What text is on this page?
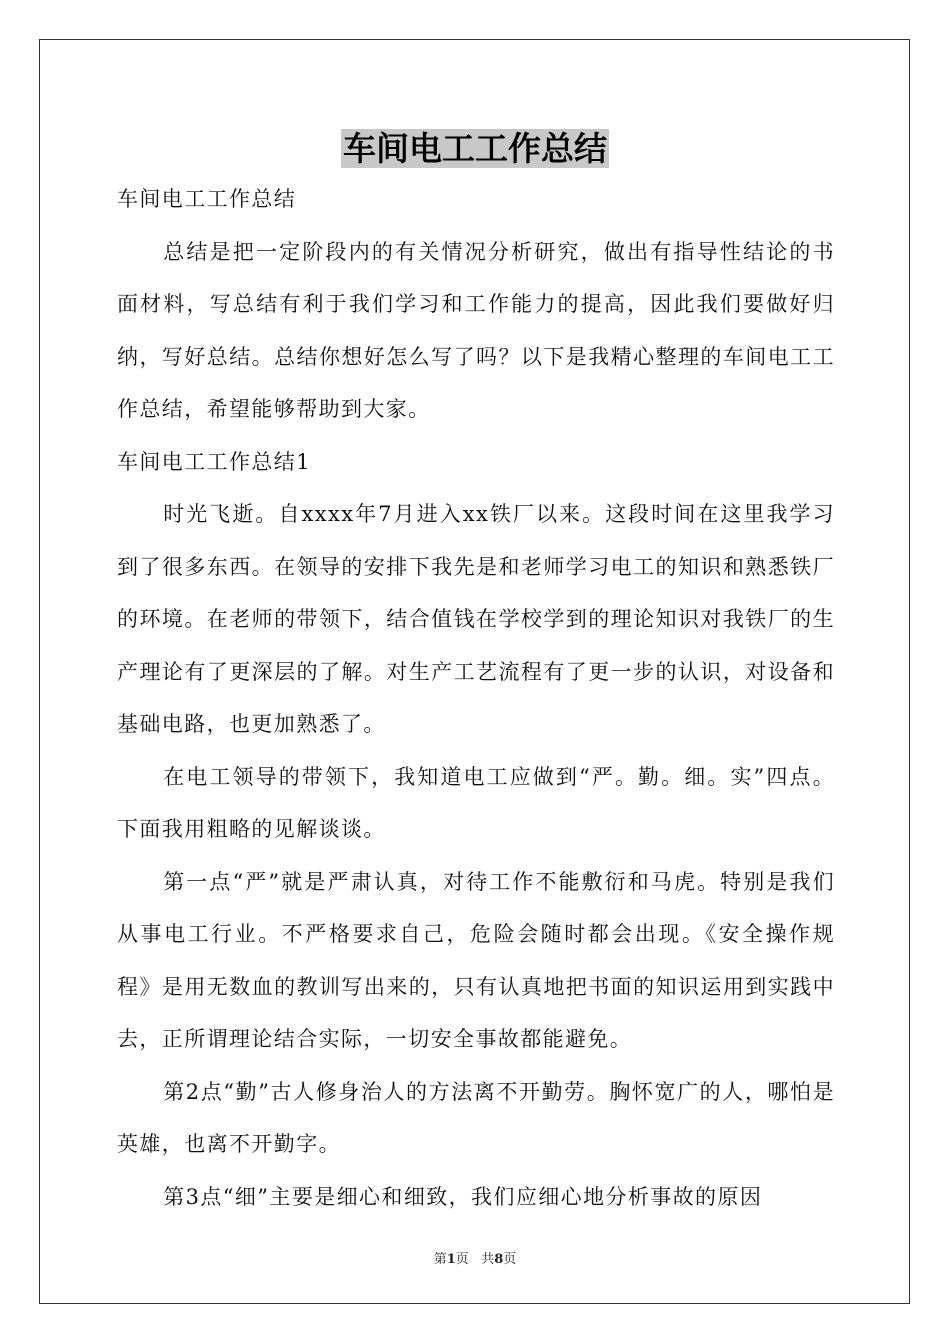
车间电工工作总结

车间电工工作总结

总结是把一定阶段内的有关情况分析研究，做出有指导性结论的书面材料，写总结有利于我们学习和工作能力的提高，因此我们要做好归纳，写好总结。总结你想好怎么写了吗？以下是我精心整理的车间电工工作总结，希望能够帮助到大家。

车间电工工作总结1

时光飞逝。自xxxx年7月进入xx铁厂以来。这段时间在这里我学习到了很多东西。在领导的安排下我先是和老师学习电工的知识和熟悉铁厂的环境。在老师的带领下，结合值钱在学校学到的理论知识对我铁厂的生产理论有了更深层的了解。对生产工艺流程有了更一步的认识，对设备和基础电路，也更加熟悉了。

在电工领导的带领下，我知道电工应做到“严。勤。细。实”四点。下面我用粗略的见解谈谈。

第一点“严”就是严肃认真，对待工作不能敷衍和马虎。特别是我们从事电工行业。不严格要求自己，危险会随时都会出现。《安全操作规程》是用无数血的教训写出来的，只有认真地把书面的知识运用到实践中去，正所谓理论结合实际，一切安全事故都能避免。

第2点“勤”古人修身治人的方法离不开勤劳。胸怀宽广的人，哪怕是英雄，也离不开勤字。

第3点“细”主要是细心和细致，我们应细心地分析事故的原因

第1页 共8页
